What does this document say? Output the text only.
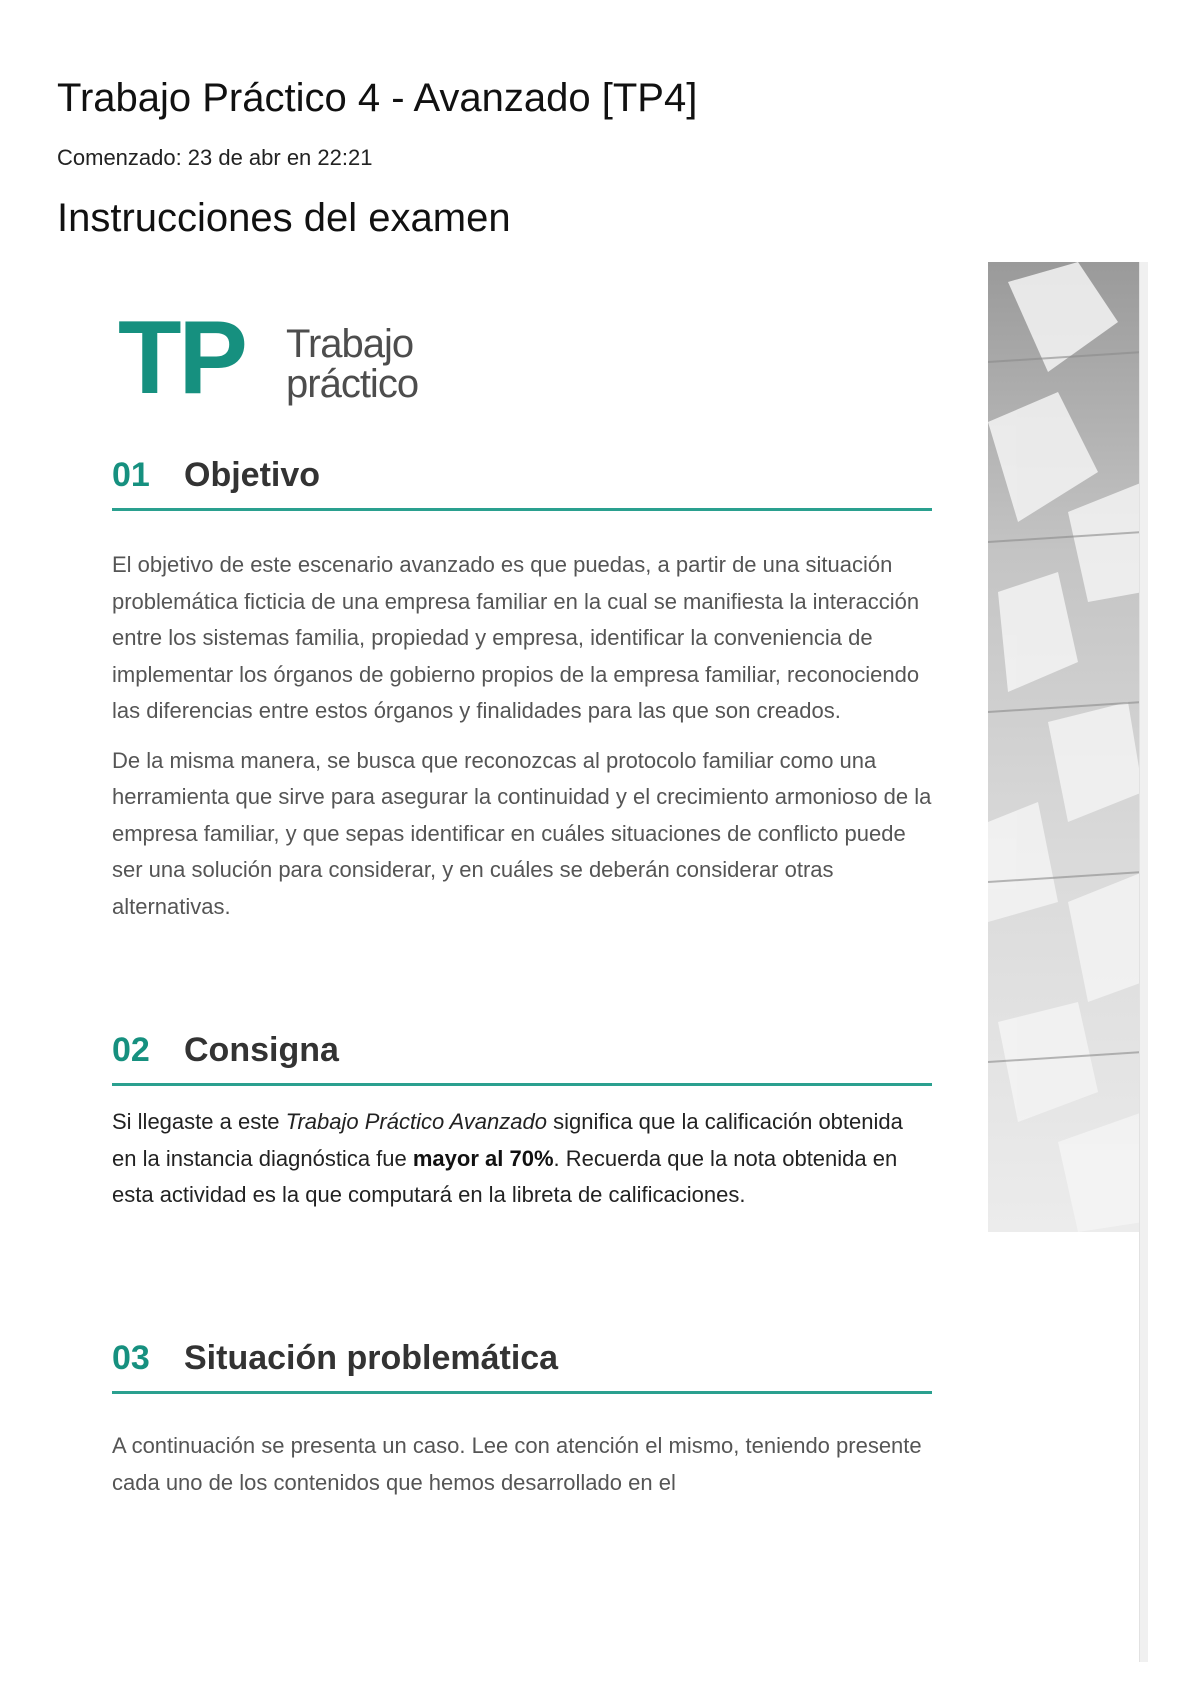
Trabajo Práctico 4 - Avanzado [TP4]
Comenzado: 23 de abr en 22:21
Instrucciones del examen
TP Trabajo
práctico
01 Objetivo

El objetivo de este escenario avanzado es que puedas, a partir de una situación problemática ficticia de una empresa familiar en la cual se manifiesta la interacción entre los sistemas familia, propiedad y empresa, identificar la conveniencia de implementar los órganos de gobierno propios de la empresa familiar, reconociendo las diferencias entre estos órganos y finalidades para las que son creados.

De la misma manera, se busca que reconozcas al protocolo familiar como una herramienta que sirve para asegurar la continuidad y el crecimiento armonioso de la empresa familiar, y que sepas identificar en cuáles situaciones de conflicto puede ser una solución para considerar, y en cuáles se deberán considerar otras alternativas.

02 Consigna

Si llegaste a este Trabajo Práctico Avanzado significa que la calificación obtenida en la instancia diagnóstica fue mayor al 70%. Recuerda que la nota obtenida en esta actividad es la que computará en la libreta de calificaciones.

03 Situación problemática

A continuación se presenta un caso. Lee con atención el mismo, teniendo presente cada uno de los contenidos que hemos desarrollado en el
